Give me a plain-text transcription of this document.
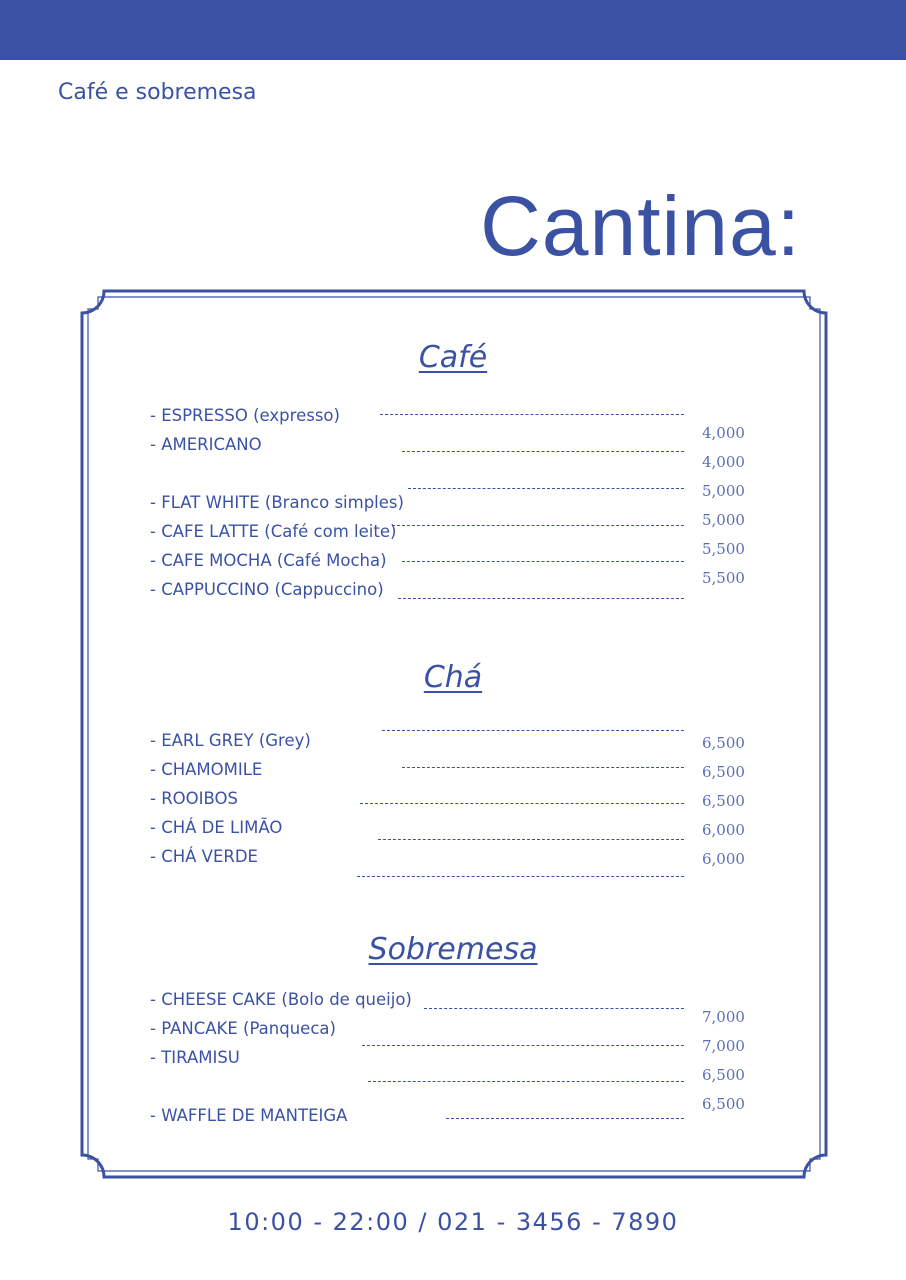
Café e sobremesa
Cantina:
Café
- ESPRESSO (expresso)
- AMERICANO
- FLAT WHITE (Branco simples)
- CAFE LATTE (Café com leite)
- CAFE MOCHA (Café Mocha)
- CAPPUCCINO (Cappuccino)
4,000
4,000
5,000
5,000
5,500
5,500
Chá
- EARL GREY (Grey)
- CHAMOMILE
- ROOIBOS
- CHÁ DE LIMÃO
- CHÁ VERDE
6,500
6,500
6,500
6,000
6,000
Sobremesa
- CHEESE CAKE (Bolo de queijo)
- PANCAKE (Panqueca)
- TIRAMISU
- WAFFLE DE MANTEIGA
7,000
7,000
6,500
6,500
10:00 - 22:00 / 021 - 3456 - 7890
